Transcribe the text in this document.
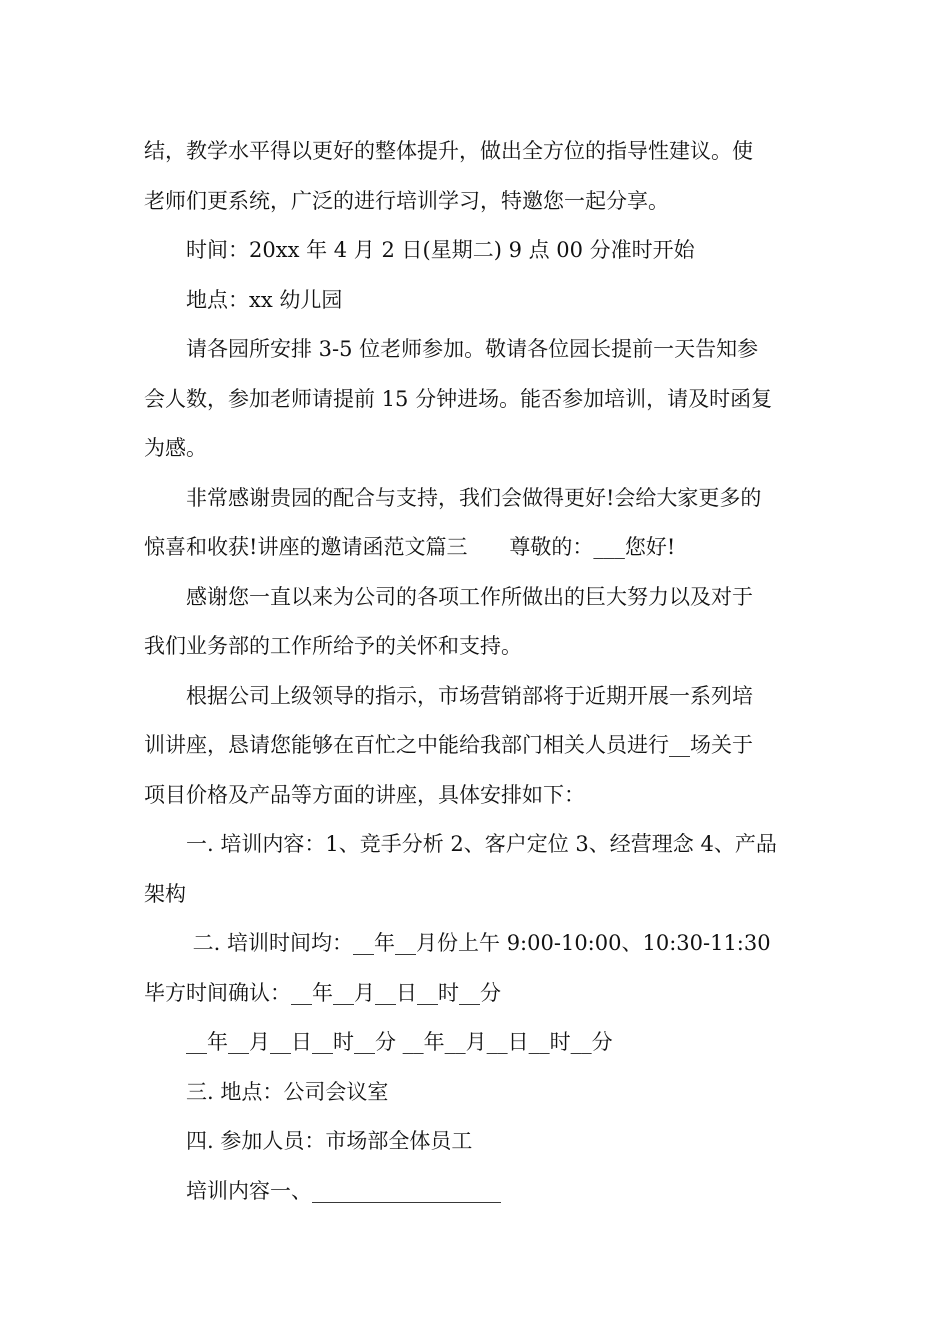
结，教学水平得以更好的整体提升，做出全方位的指导性建议。使
老师们更系统，广泛的进行培训学习，特邀您一起分享。
　　时间：20xx 年 4 月 2 日(星期二) 9 点 00 分准时开始
　　地点：xx 幼儿园
　　请各园所安排 3-5 位老师参加。敬请各位园长提前一天告知参
会人数，参加老师请提前 15 分钟进场。能否参加培训，请及时函复
为感。
　　非常感谢贵园的配合与支持，我们会做得更好!会给大家更多的
惊喜和收获!讲座的邀请函范文篇三　　尊敬的：___您好!
　　感谢您一直以来为公司的各项工作所做出的巨大努力以及对于
我们业务部的工作所给予的关怀和支持。
　　根据公司上级领导的指示，市场营销部将于近期开展一系列培
训讲座，恳请您能够在百忙之中能给我部门相关人员进行__场关于
项目价格及产品等方面的讲座，具体安排如下：
　　一. 培训内容：1、竞手分析 2、客户定位 3、经营理念 4、产品
架构
　　 二. 培训时间均：__年__月份上午 9:00-10:00、10:30-11:30
毕方时间确认：__年__月__日__时__分
　　__年__月__日__时__分 __年__月__日__时__分
　　三. 地点：公司会议室
　　四. 参加人员：市场部全体员工
　　培训内容一、__________________
